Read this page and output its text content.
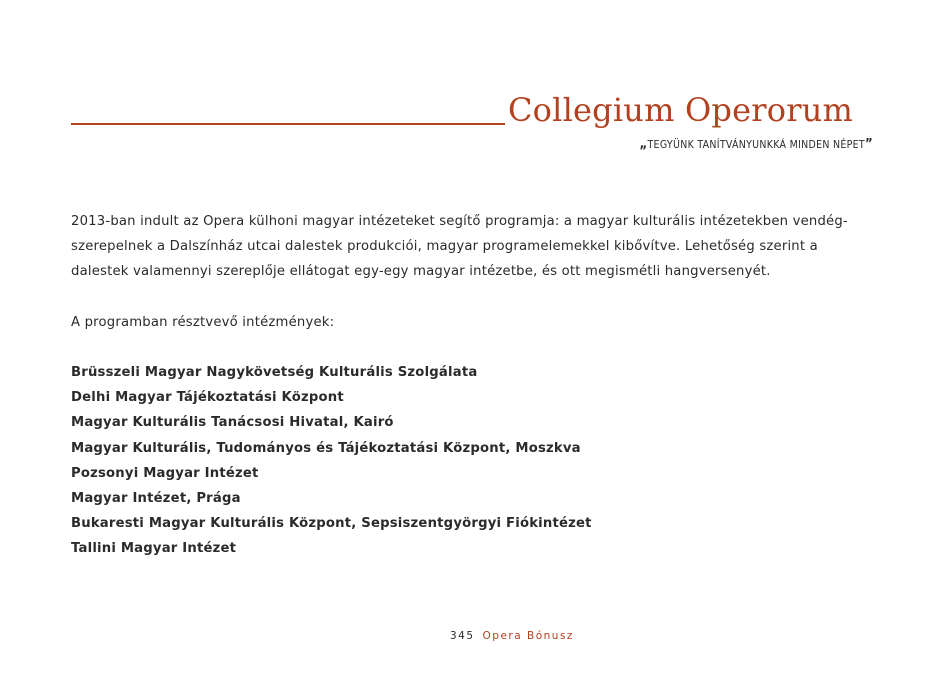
Collegium Operorum
„TEGYÜNK TANÍTVÁNYUNKKÁ MINDEN NÉPET”

2013-ban indult az Opera külhoni magyar intézeteket segítő programja: a magyar kulturális intézetekben vendég-szerepelnek a Dalszínház utcai dalestek produkciói, magyar programelemekkel kibővítve. Lehetőség szerint a dalestek valamennyi szereplője ellátogat egy-egy magyar intézetbe, és ott megismétli hangversenyét.

A programban résztvevő intézmények:
Brüsszeli Magyar Nagykövetség Kulturális Szolgálata
Delhi Magyar Tájékoztatási Központ
Magyar Kulturális Tanácsosi Hivatal, Kairó
Magyar Kulturális, Tudományos és Tájékoztatási Központ, Moszkva
Pozsonyi Magyar Intézet
Magyar Intézet, Prága
Bukaresti Magyar Kulturális Központ, Sepsiszentgyörgyi Fiókintézet
Tallini Magyar Intézet
345 Opera Bónusz
